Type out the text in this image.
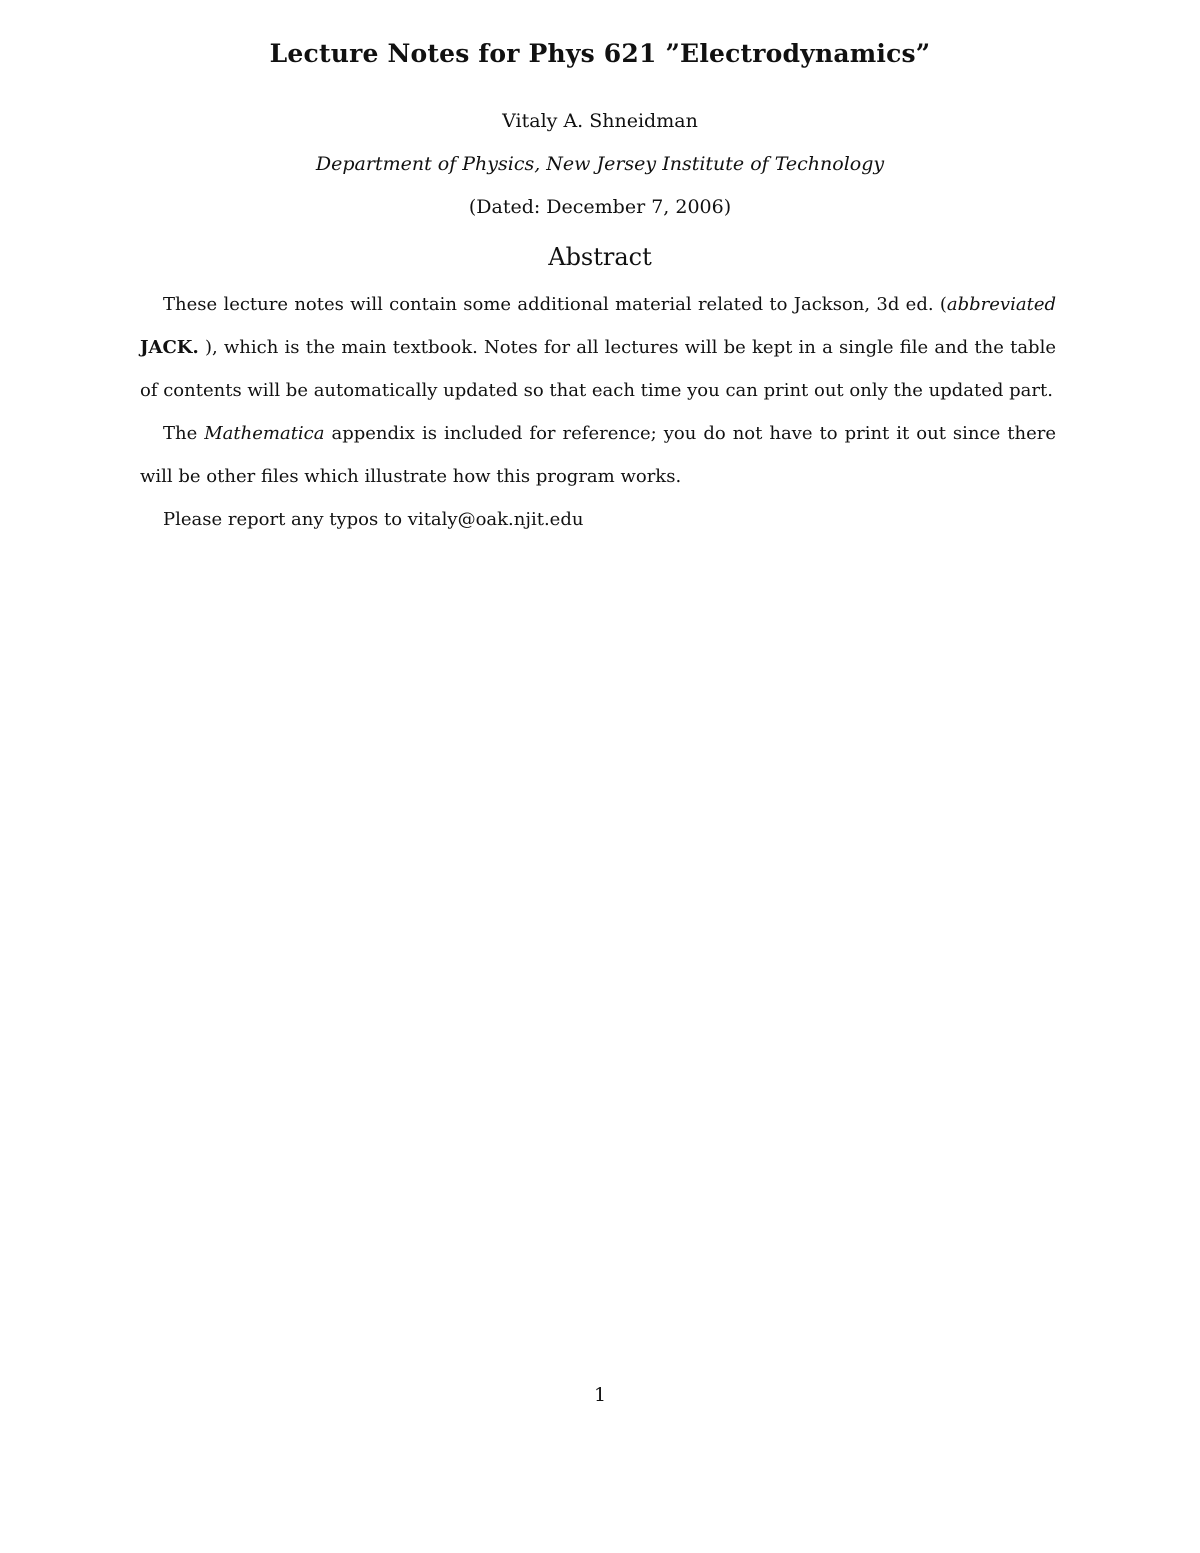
Lecture Notes for Phys 621 ”Electrodynamics”
Vitaly A. Shneidman
Department of Physics, New Jersey Institute of Technology
(Dated: December 7, 2006)
Abstract

These lecture notes will contain some additional material related to Jackson, 3d ed. (abbreviated JACK. ), which is the main textbook. Notes for all lectures will be kept in a single file and the table of contents will be automatically updated so that each time you can print out only the updated part.

The Mathematica appendix is included for reference; you do not have to print it out since there will be other files which illustrate how this program works.

Please report any typos to vitaly@oak.njit.edu

1
